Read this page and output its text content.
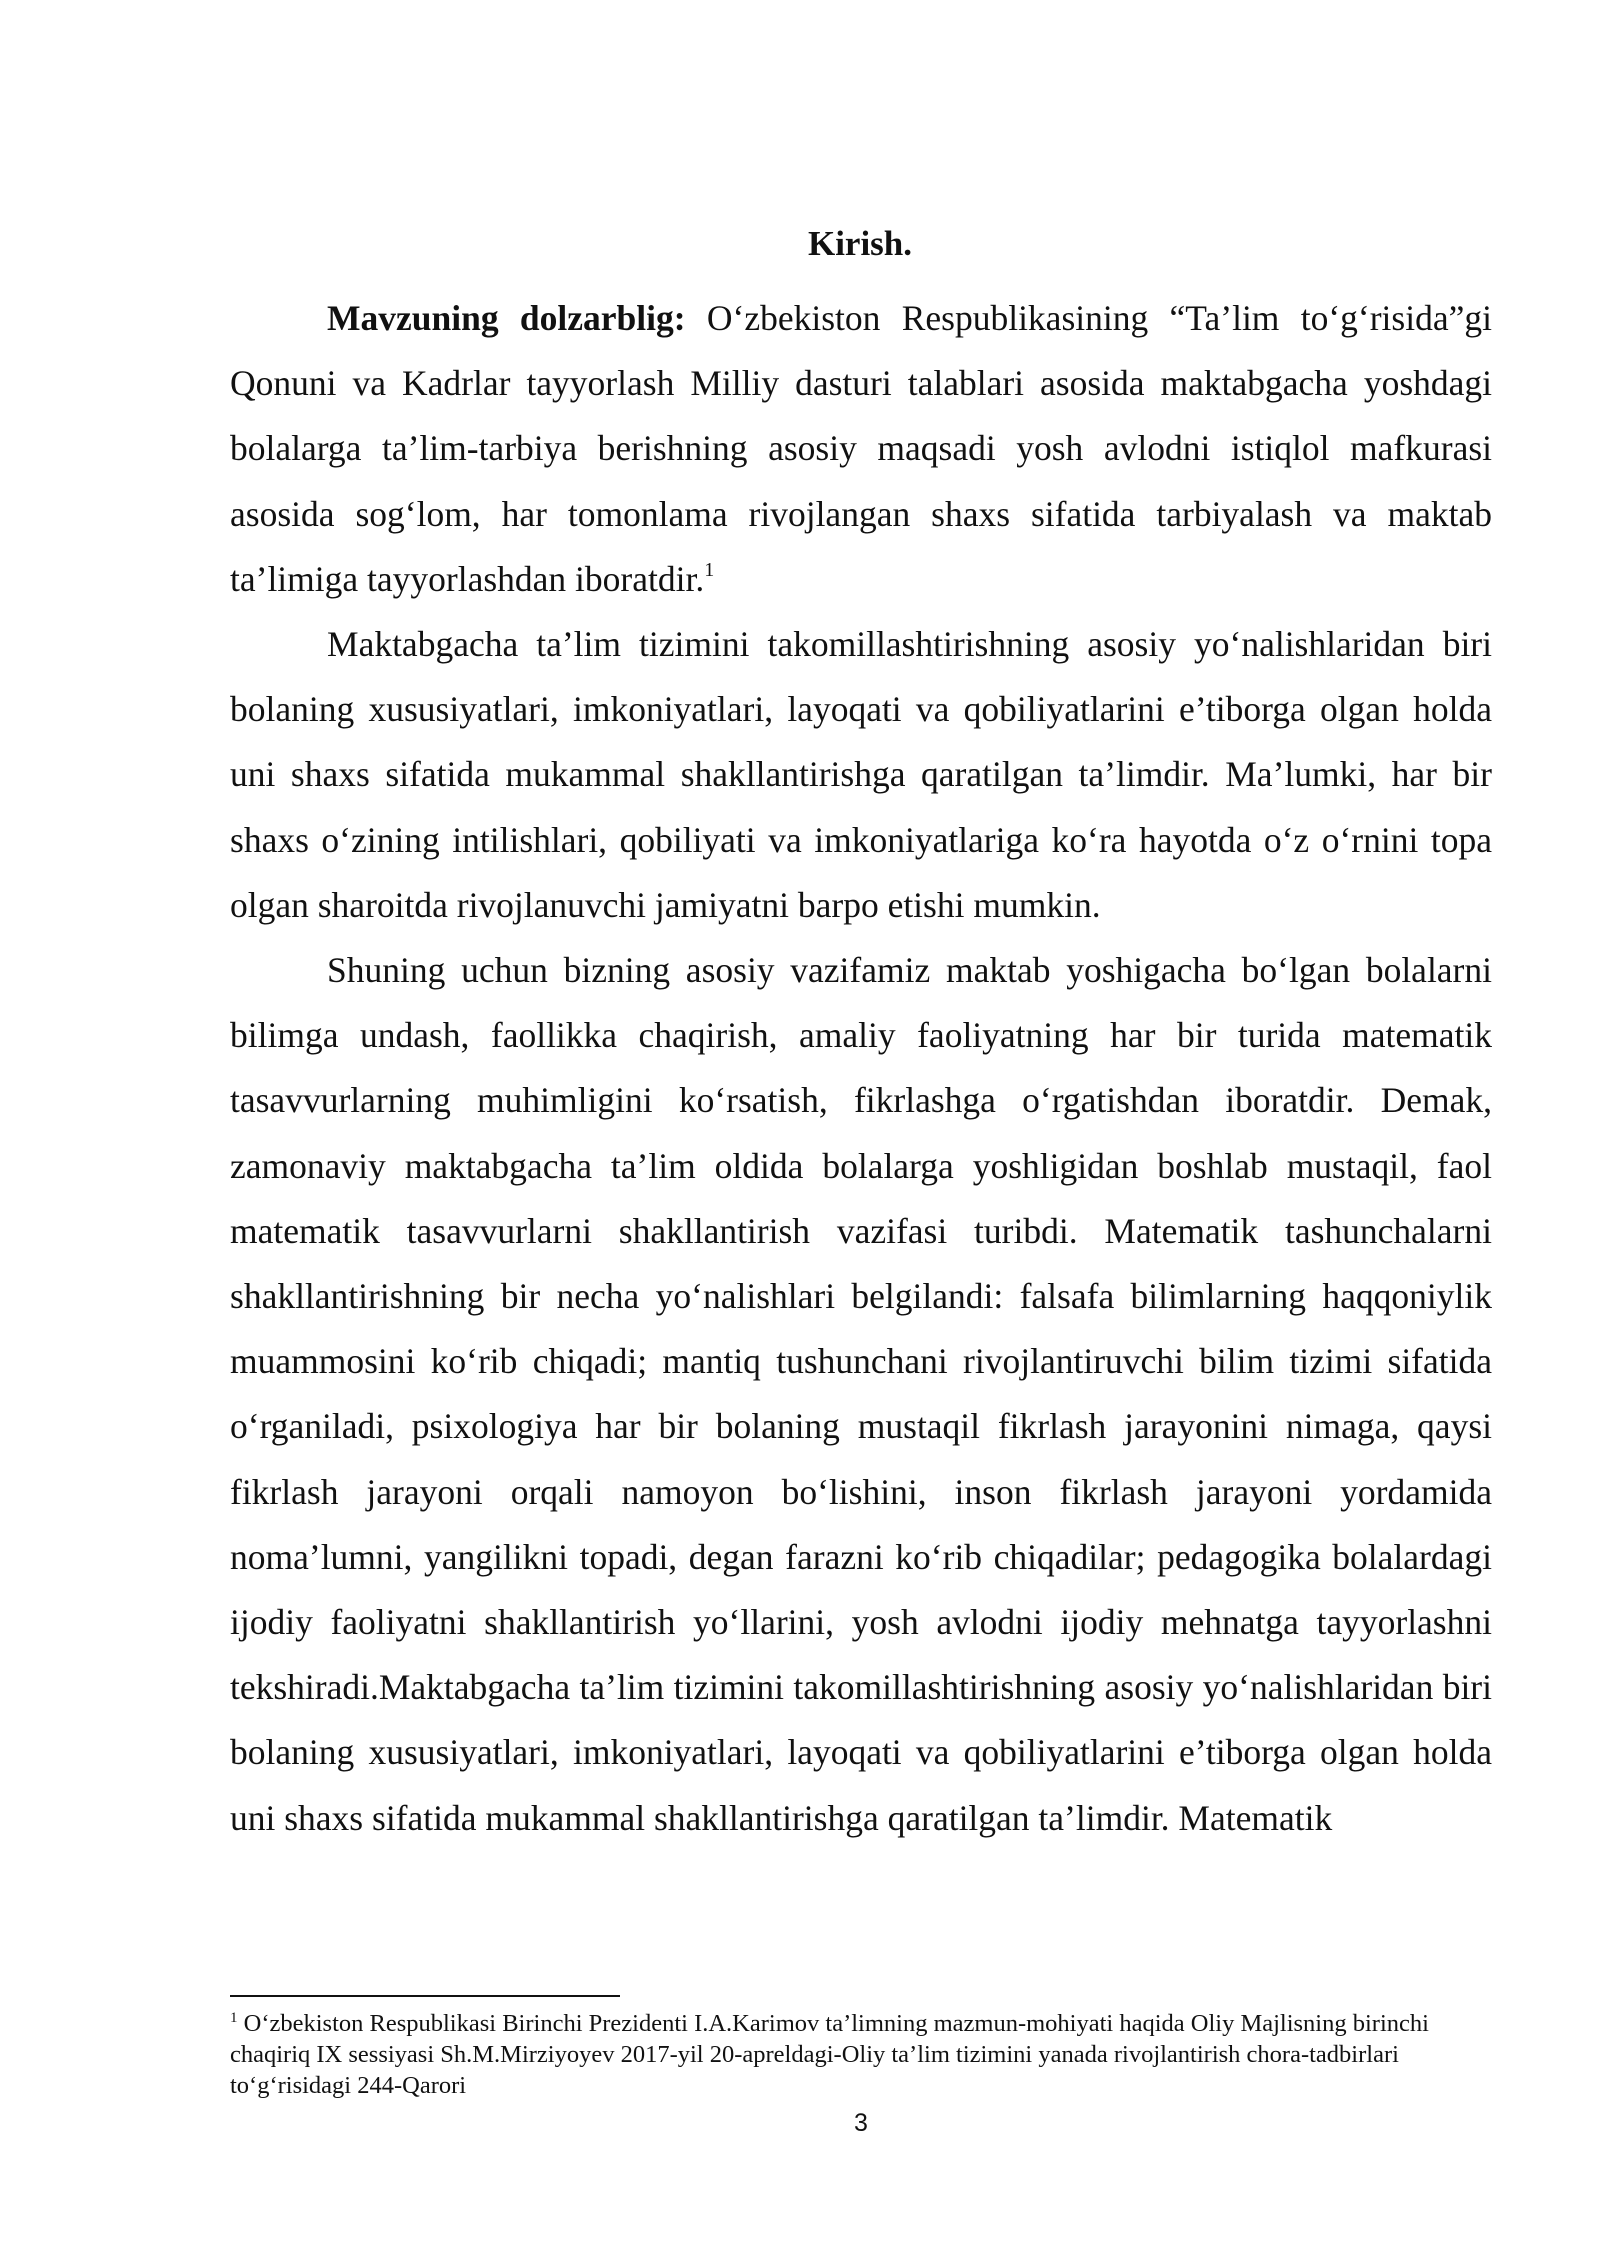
Kirish.

Mavzuning dolzarblig: O‘zbekiston Respublikasining “Ta’lim to‘g‘risida”gi Qonuni va Kadrlar tayyorlash Milliy dasturi talablari asosida maktabgacha yoshdagi bolalarga ta’lim-tarbiya berishning asosiy maqsadi yosh avlodni istiqlol mafkurasi asosida sog‘lom, har tomonlama rivojlangan shaxs sifatida tarbiyalash va maktab ta’limiga tayyorlashdan iboratdir.$^1$

Maktabgacha ta’lim tizimini takomillashtirishning asosiy yo‘nalishlaridan biri bolaning xususiyatlari, imkoniyatlari, layoqati va qobiliyatlarini e’tiborga olgan holda uni shaxs sifatida mukammal shakllantirishga qaratilgan ta’limdir. Ma’lumki, har bir shaxs o‘zining intilishlari, qobiliyati va imkoniyatlariga ko‘ra hayotda o‘z o‘rnini topa olgan sharoitda rivojlanuvchi jamiyatni barpo etishi mumkin.

Shuning uchun bizning asosiy vazifamiz maktab yoshigacha bo‘lgan bolalarni bilimga undash, faollikka chaqirish, amaliy faoliyatning har bir turida matematik tasavvurlarning muhimligini ko‘rsatish, fikrlashga o‘rgatishdan iboratdir. Demak, zamonaviy maktabgacha ta’lim oldida bolalarga yoshligidan boshlab mustaqil, faol matematik tasavvurlarni shakllantirish vazifasi turibdi. Matematik tashunchalarni shakllantirishning bir necha yo‘nalishlari belgilandi: falsafa bilimlarning haqqoniylik muammosini ko‘rib chiqadi; mantiq tushunchani rivojlantiruvchi bilim tizimi sifatida o‘rganiladi, psixologiya har bir bolaning mustaqil fikrlash jarayonini nimaga, qaysi fikrlash jarayoni orqali namoyon bo‘lishini, inson fikrlash jarayoni yordamida noma’lumni, yangilikni topadi, degan farazni ko‘rib chiqadilar; pedagogika bolalardagi ijodiy faoliyatni shakllantirish yo‘llarini, yosh avlodni ijodiy mehnatga tayyorlashni tekshiradi.Maktabgacha ta’lim tizimini takomillashtirishning asosiy yo‘nalishlaridan biri bolaning xususiyatlari, imkoniyatlari, layoqati va qobiliyatlarini e’tiborga olgan holda uni shaxs sifatida mukammal shakllantirishga qaratilgan ta’limdir. Matematik

$^1$ O‘zbekiston Respublikasi Birinchi Prezidenti I.A.Karimov ta’limning mazmun-mohiyati haqida Oliy Majlisning birinchi chaqiriq IX sessiyasi Sh.M.Mirziyoyev 2017-yil 20-apreldagi-Oliy ta’lim tizimini yanada rivojlantirish chora-tadbirlari to‘g‘risidagi 244-Qarori

3
